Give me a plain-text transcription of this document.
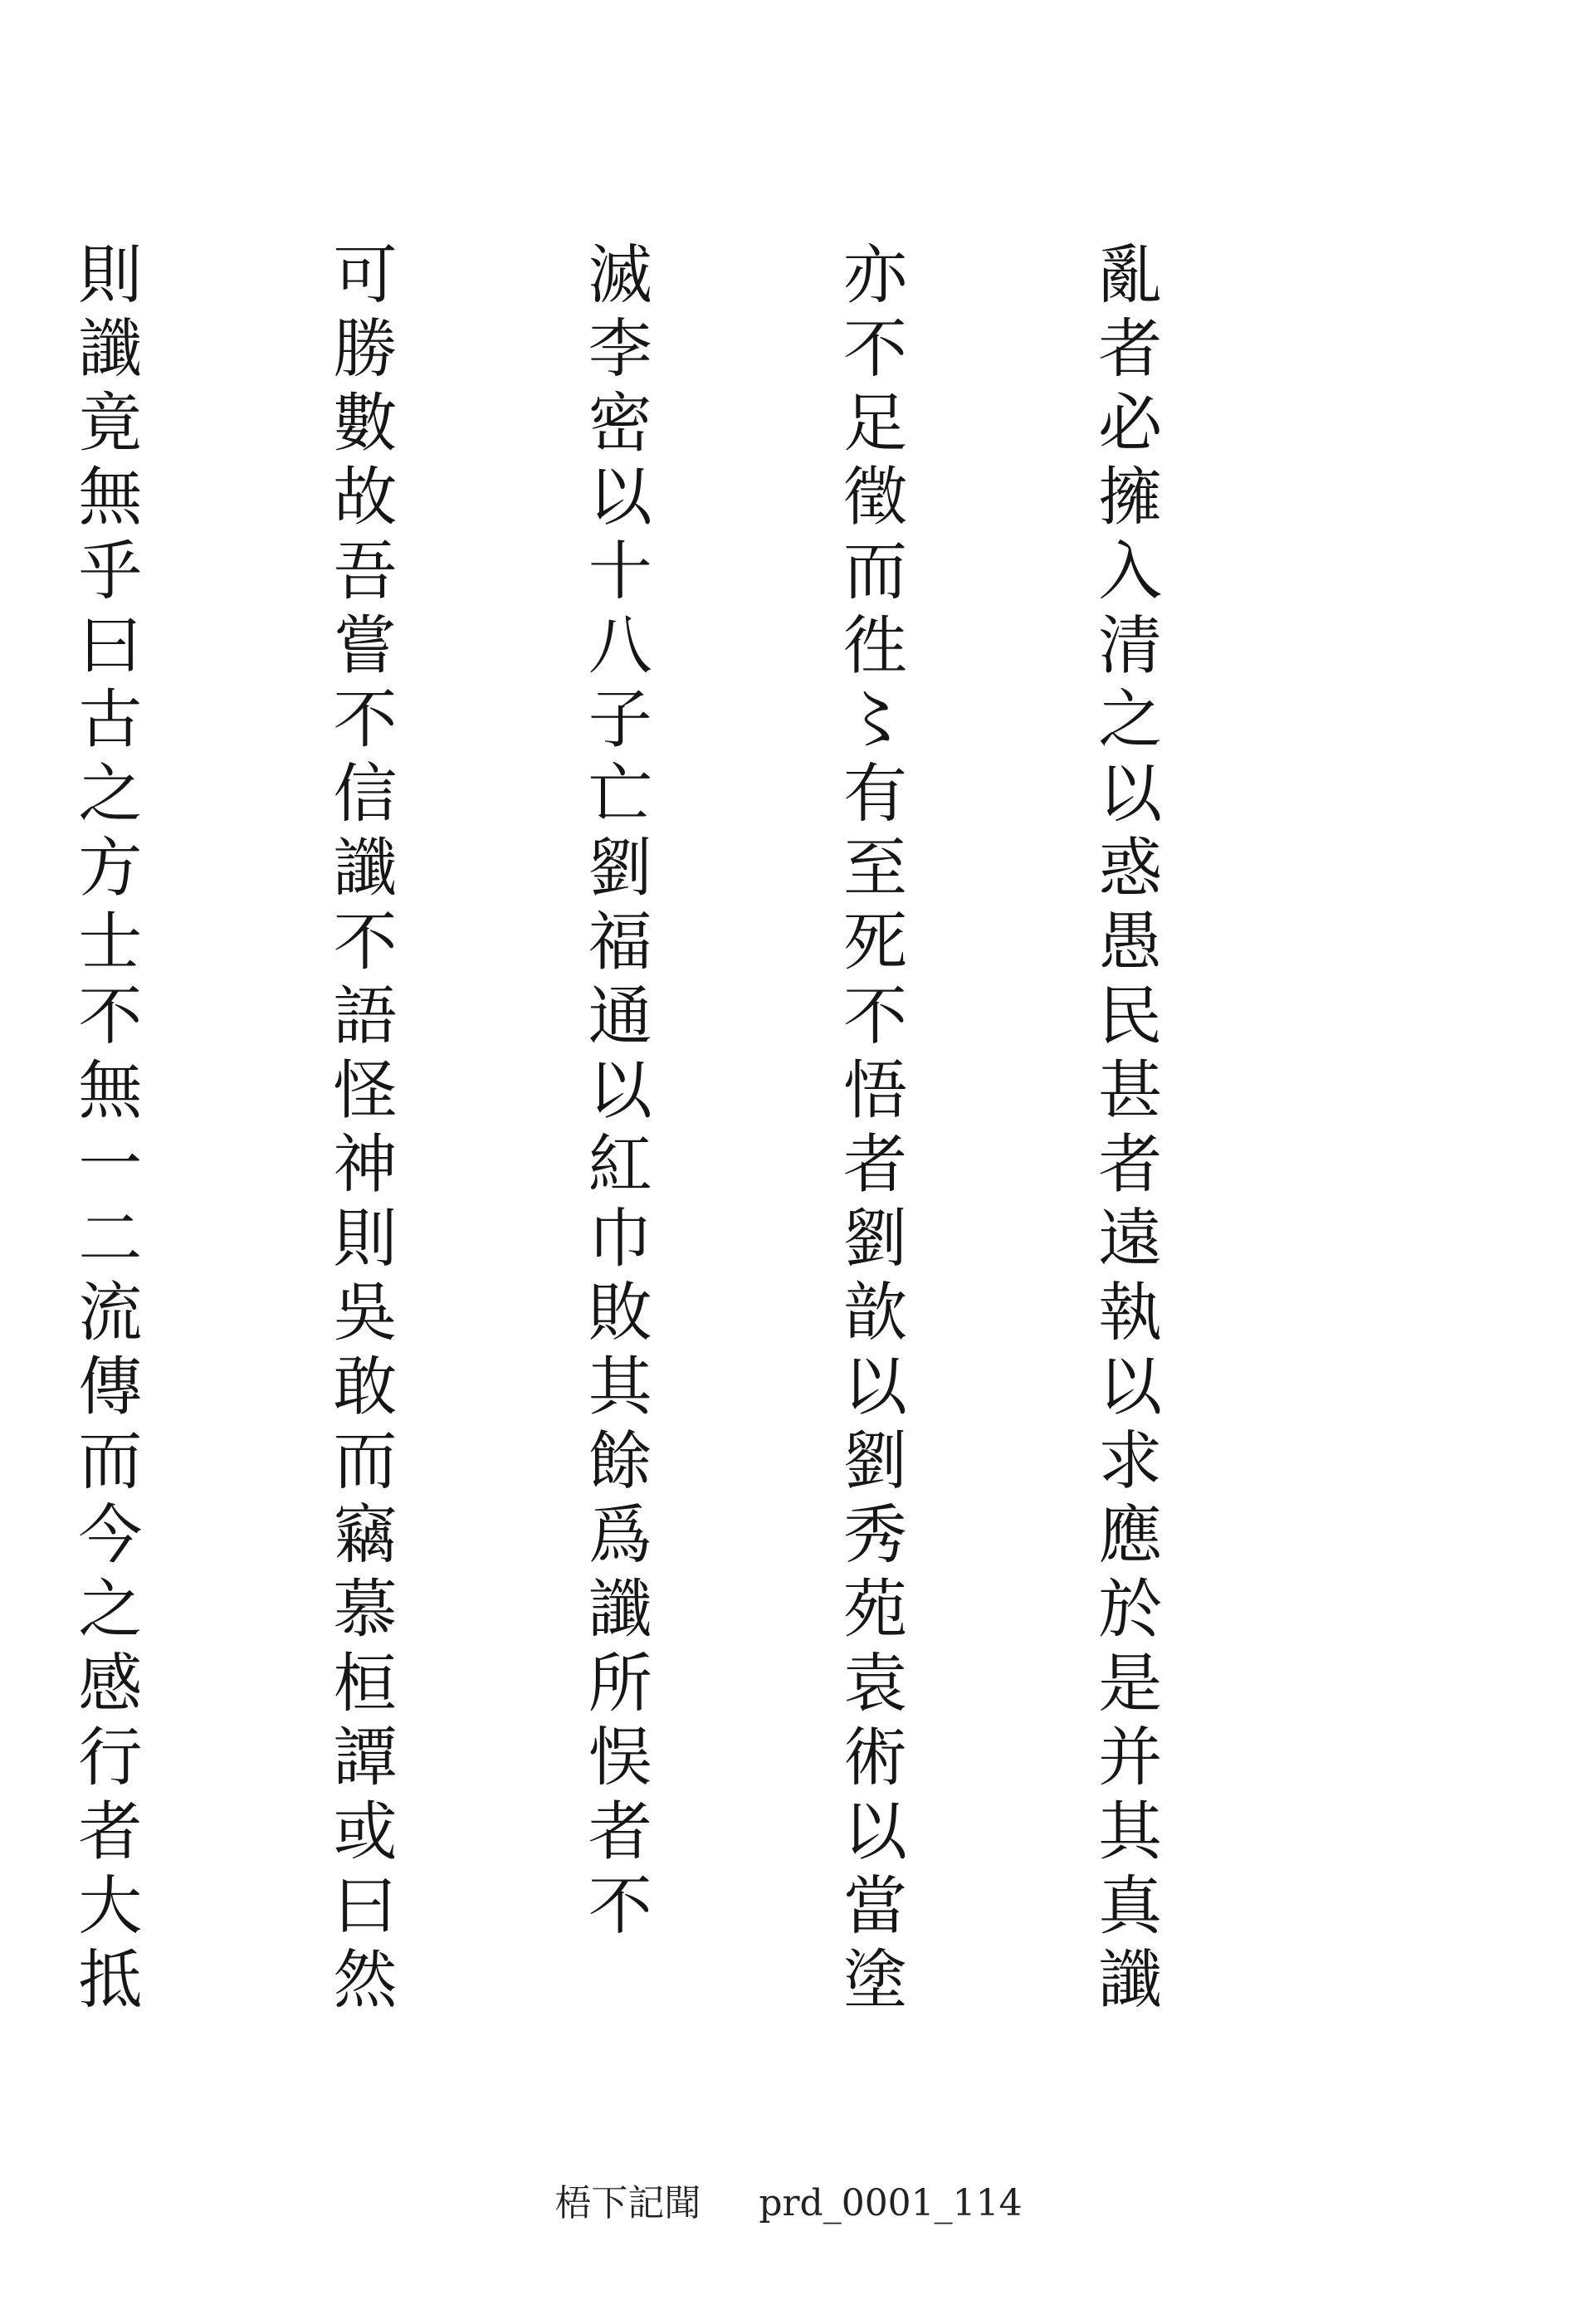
亂者必擁入清之以惑愚民甚者遠執以求應於是并其真讖

亦不足徵而徃〻有至死不悟者劉歆以劉秀苑袁術以當塗

滅李密以十八子亡劉福通以紅巾敗其餘爲讖所悮者不

可勝數故吾嘗不信讖不語怪神則吳敢而竊慕桓譚或曰然

則讖竟無乎曰古之方士不無一二流傳而今之感行者大抵

梧下記聞 prd_0001_114
